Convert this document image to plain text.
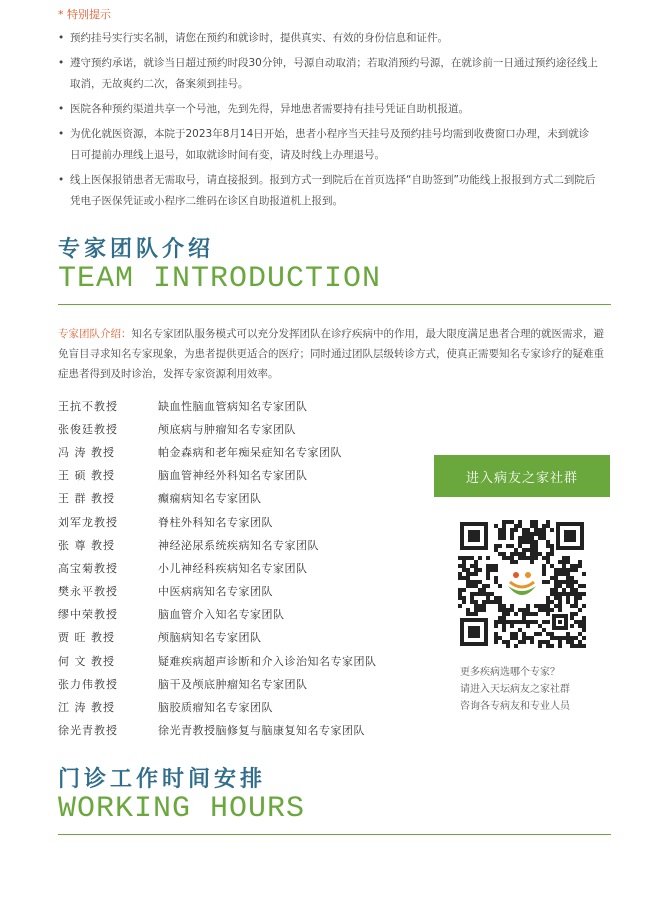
* 特别提示
• 预约挂号实行实名制，请您在预约和就诊时，提供真实、有效的身份信息和证件。
• 遵守预约承诺，就诊当日超过预约时段30分钟，号源自动取消；若取消预约号源，在就诊前一日通过预约途径线上取消，无故爽约二次，备案须到挂号。
• 医院各种预约渠道共享一个号池，先到先得，异地患者需要持有挂号凭证自助机报道。
• 为优化就医资源，本院于2023年8月14日开始，患者小程序当天挂号及预约挂号均需到收费窗口办理，未到就诊日可提前办理线上退号，如取就诊时间有变，请及时线上办理退号。
• 线上医保报销患者无需取号，请直接报到。报到方式一到院后在首页选择“自助签到”功能线上报报到方式二到院后凭电子医保凭证或小程序二维码在诊区自助报道机上报到。
专家团队介绍
TEAM INTRODUCTION
专家团队介绍：知名专家团队服务模式可以充分发挥团队在诊疗疾病中的作用，最大限度满足患者合理的就医需求，避免盲目寻求知名专家现象，为患者提供更适合的医疗；同时通过团队层级转诊方式，使真正需要知名专家诊疗的疑难重症患者得到及时诊治，发挥专家资源利用效率。
王抗不教授	缺血性脑血管病知名专家团队
张俊廷教授	颅底病与肿瘤知名专家团队
冯 涛 教授	帕金森病和老年痴呆症知名专家团队
王 硕 教授	脑血管神经外科知名专家团队
王 群 教授	癫痫病知名专家团队
刘军龙教授	脊柱外科知名专家团队
张 尊 教授	神经泌尿系统疾病知名专家团队
高宝菊教授	小儿神经科疾病知名专家团队
樊永平教授	中医病病知名专家团队
缪中荣教授	脑血管介入知名专家团队
贾 旺 教授	颅脑病知名专家团队
何 文 教授	疑难疾病超声诊断和介入诊治知名专家团队
张力伟教授	脑干及颅底肿瘤知名专家团队
江 涛 教授	脑胶质瘤知名专家团队
徐光青教授	徐光青教授脑修复与脑康复知名专家团队
进入病友之家社群
更多疾病选哪个专家？
请进入天坛病友之家社群
咨询各专病友和专业人员
门诊工作时间安排
WORKING HOURS
